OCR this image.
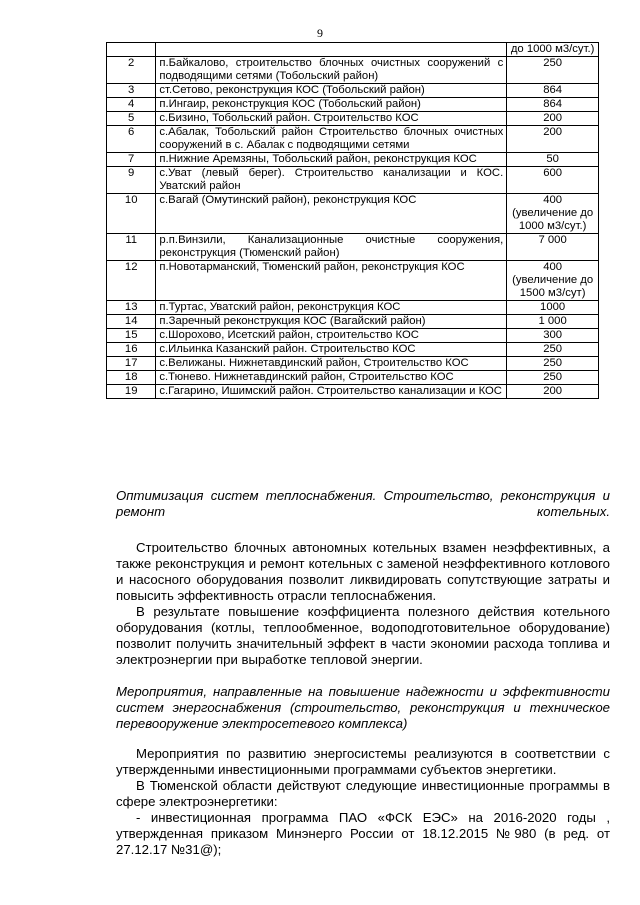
9
		до 1000 м3/сут.)
2	п.Байкалово, строительство блочных очистных сооружений с подводящими сетями (Тобольский район)	250
3	ст.Сетово, реконструкция КОС (Тобольский район)	864
4	п.Ингаир, реконструкция КОС (Тобольский район)	864
5	с.Бизино, Тобольский район. Строительство КОС	200
6	с.Абалак, Тобольский район Строительство блочных очистных сооружений в с. Абалак с подводящими сетями	200
7	п.Нижние Аремзяны, Тобольский район, реконструкция КОС	50
9	с.Уват (левый берег). Строительство канализации и КОС. Уватский район	600
10	с.Вагай (Омутинский район), реконструкция КОС	400 (увеличение до 1000 м3/сут.)
11	р.п.Винзили, Канализационные очистные сооружения, реконструкция (Тюменский район)	7 000
12	п.Новотарманский, Тюменский район, реконструкция КОС	400 (увеличение до 1500 м3/сут)
13	п.Туртас, Уватский район, реконструкция КОС	1000
14	п.Заречный реконструкция КОС (Вагайский район)	1 000
15	с.Шорохово, Исетский район, строительство КОС	300
16	с.Ильинка Казанский район. Строительство КОС	250
17	с.Велижаны. Нижнетавдинский район, Строительство КОС	250
18	с.Тюнево. Нижнетавдинский район, Строительство КОС	250
19	с.Гагарино, Ишимский район. Строительство канализации и КОС	200
Оптимизация систем теплоснабжения. Строительство, реконструкция и ремонт котельных.

Строительство блочных автономных котельных взамен неэффективных, а также реконструкция и ремонт котельных с заменой неэффективного котлового и насосного оборудования позволит ликвидировать сопутствующие затраты и повысить эффективность отрасли теплоснабжения.

В результате повышение коэффициента полезного действия котельного оборудования (котлы, теплообменное, водоподготовительное оборудование) позволит получить значительный эффект в части экономии расхода топлива и электроэнергии при выработке тепловой энергии.

Мероприятия, направленные на повышение надежности и эффективности систем энергоснабжения (строительство, реконструкция и техническое перевооружение электросетевого комплекса)

Мероприятия по развитию энергосистемы реализуются в соответствии с утвержденными инвестиционными программами субъектов энергетики.

В Тюменской области действуют следующие инвестиционные программы в сфере электроэнергетики:

- инвестиционная программа ПАО «ФСК ЕЭС» на 2016-2020 годы , утвержденная приказом Минэнерго России от 18.12.2015 №980 (в ред. от 27.12.17 №31@);
